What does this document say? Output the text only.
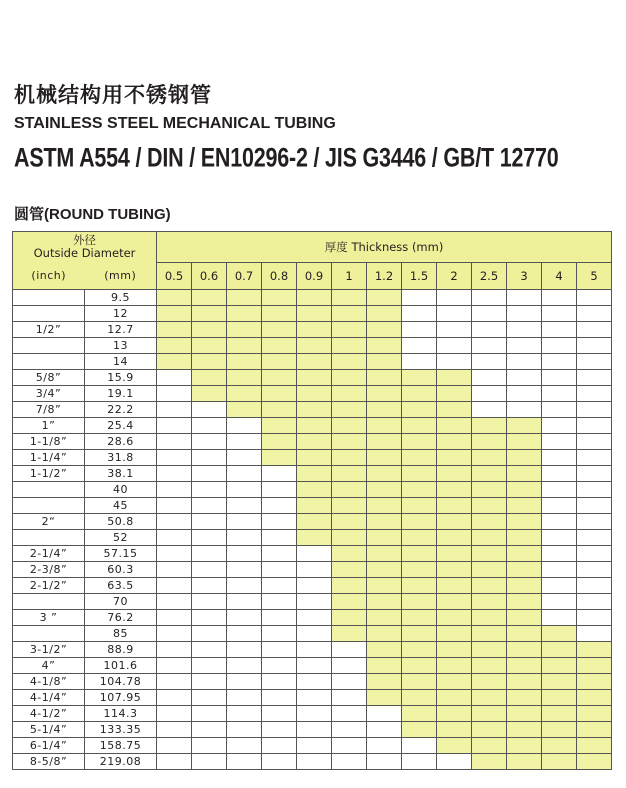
机械结构用不锈钢管
STAINLESS STEEL MECHANICAL TUBING
ASTM A554 / DIN / EN10296-2 / JIS G3446 / GB/T 12770
圆管(ROUND TUBING)
外径
Outside Diameter		厚度 Thickness (mm)												
(inch)	(mm)	0.5	0.6	0.7	0.8	0.9	1	1.2	1.5	2	2.5	3	4	5
	9.5													
	12													
1/2”	12.7													
	13													
	14													
5/8”	15.9													
3/4”	19.1													
7/8”	22.2													
1”	25.4													
1-1/8”	28.6													
1-1/4”	31.8													
1-1/2”	38.1													
	40													
	45													
2“	50.8													
	52													
2-1/4”	57.15													
2-3/8”	60.3													
2-1/2”	63.5													
	70													
3 ”	76.2													
	85													
3-1/2”	88.9													
4”	101.6													
4-1/8”	104.78													
4-1/4”	107.95													
4-1/2”	114.3													
5-1/4”	133.35													
6-1/4”	158.75													
8-5/8”	219.08													
